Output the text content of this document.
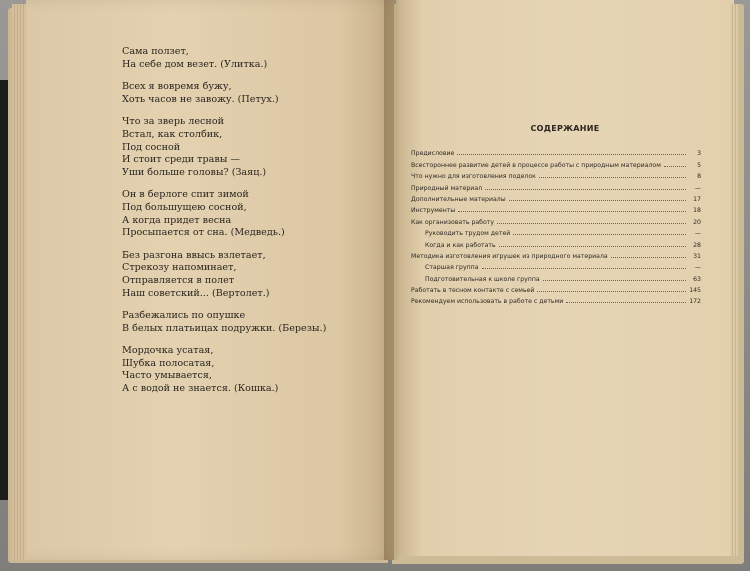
Сама ползет,
На себе дом везет. (Улитка.)
Всех я вовремя бужу,
Хоть часов не завожу. (Петух.)
Что за зверь лесной
Встал, как столбик,
Под сосной
И стоит среди травы —
Уши больше головы? (Заяц.)
Он в берлоге спит зимой
Под большущею сосной,
А когда придет весна
Просыпается от сна. (Медведь.)
Без разгона ввысь взлетает,
Стрекозу напоминает,
Отправляется в полет
Наш советский... (Вертолет.)
Разбежались по опушке
В белых платьицах подружки. (Березы.)
Мордочка усатая,
Шубка полосатая,
Часто умывается,
А с водой не знается. (Кошка.)
СОДЕРЖАНИЕ
Предисловие	3
Всестороннее развитие детей в процессе работы с природным материалом	5
Что нужно для изготовления поделок	8
Природный материал	—
Дополнительные материалы	17
Инструменты	18
Как организовать работу	20
Руководить трудом детей	—
Когда и как работать	28
Методика изготовления игрушек из природного материала	31
Старшая группа	—
Подготовительная к школе группа	63
Работать в тесном контакте с семьей	145
Рекомендуем использовать в работе с детьми	172
